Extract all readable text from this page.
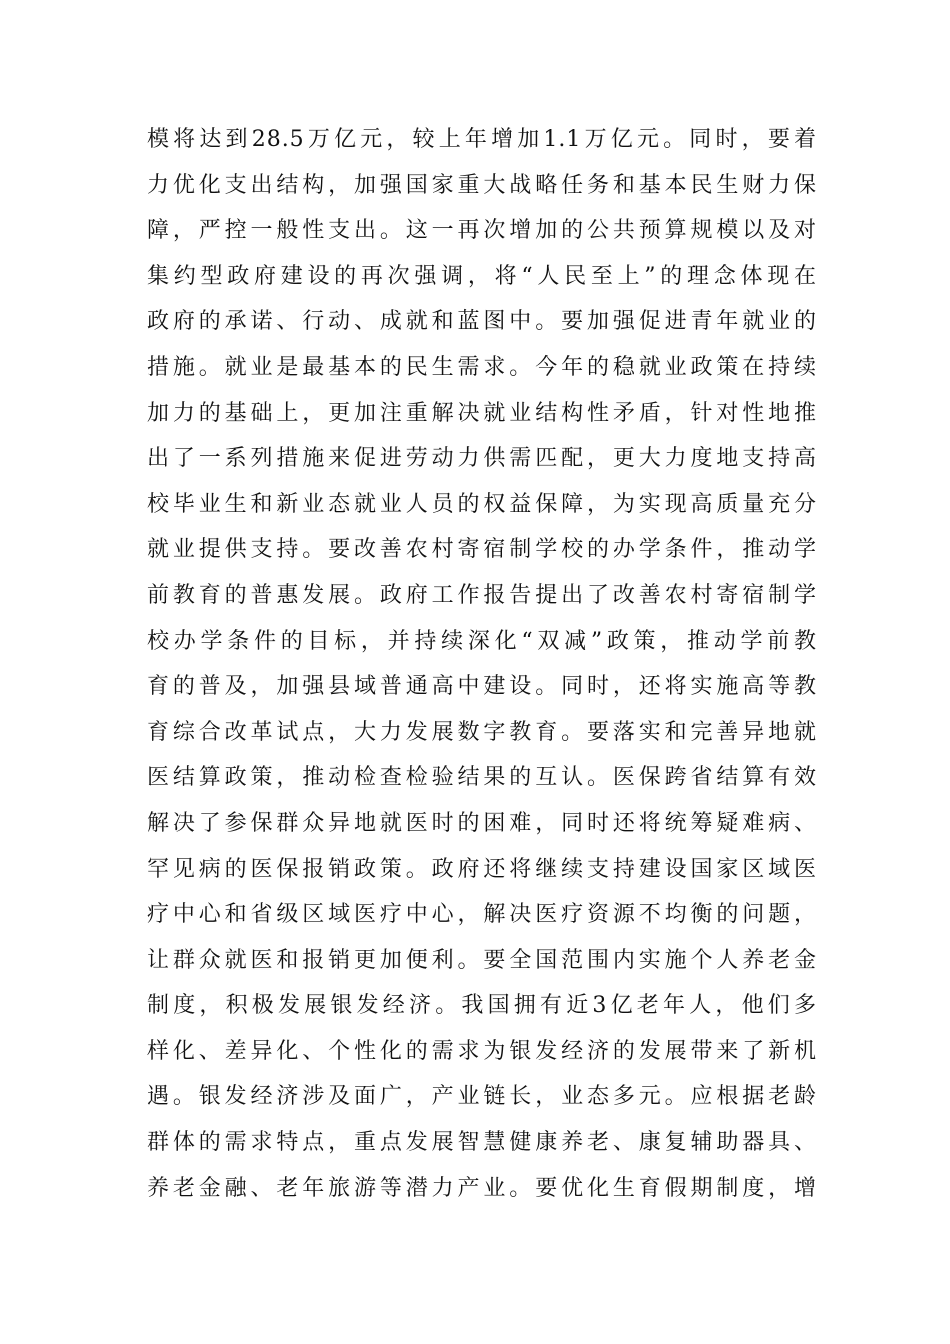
模将达到28.5万亿元，较上年增加1.1万亿元。同时，要着

力优化支出结构，加强国家重大战略任务和基本民生财力保

障，严控一般性支出。这一再次增加的公共预算规模以及对

集约型政府建设的再次强调，将“人民至上”的理念体现在

政府的承诺、行动、成就和蓝图中。要加强促进青年就业的

措施。就业是最基本的民生需求。今年的稳就业政策在持续

加力的基础上，更加注重解决就业结构性矛盾，针对性地推

出了一系列措施来促进劳动力供需匹配，更大力度地支持高

校毕业生和新业态就业人员的权益保障，为实现高质量充分

就业提供支持。要改善农村寄宿制学校的办学条件，推动学

前教育的普惠发展。政府工作报告提出了改善农村寄宿制学

校办学条件的目标，并持续深化“双减”政策，推动学前教

育的普及，加强县域普通高中建设。同时，还将实施高等教

育综合改革试点，大力发展数字教育。要落实和完善异地就

医结算政策，推动检查检验结果的互认。医保跨省结算有效

解决了参保群众异地就医时的困难，同时还将统筹疑难病、

罕见病的医保报销政策。政府还将继续支持建设国家区域医

疗中心和省级区域医疗中心，解决医疗资源不均衡的问题，

让群众就医和报销更加便利。要全国范围内实施个人养老金

制度，积极发展银发经济。我国拥有近3亿老年人，他们多

样化、差异化、个性化的需求为银发经济的发展带来了新机

遇。银发经济涉及面广，产业链长，业态多元。应根据老龄

群体的需求特点，重点发展智慧健康养老、康复辅助器具、

养老金融、老年旅游等潜力产业。要优化生育假期制度，增
